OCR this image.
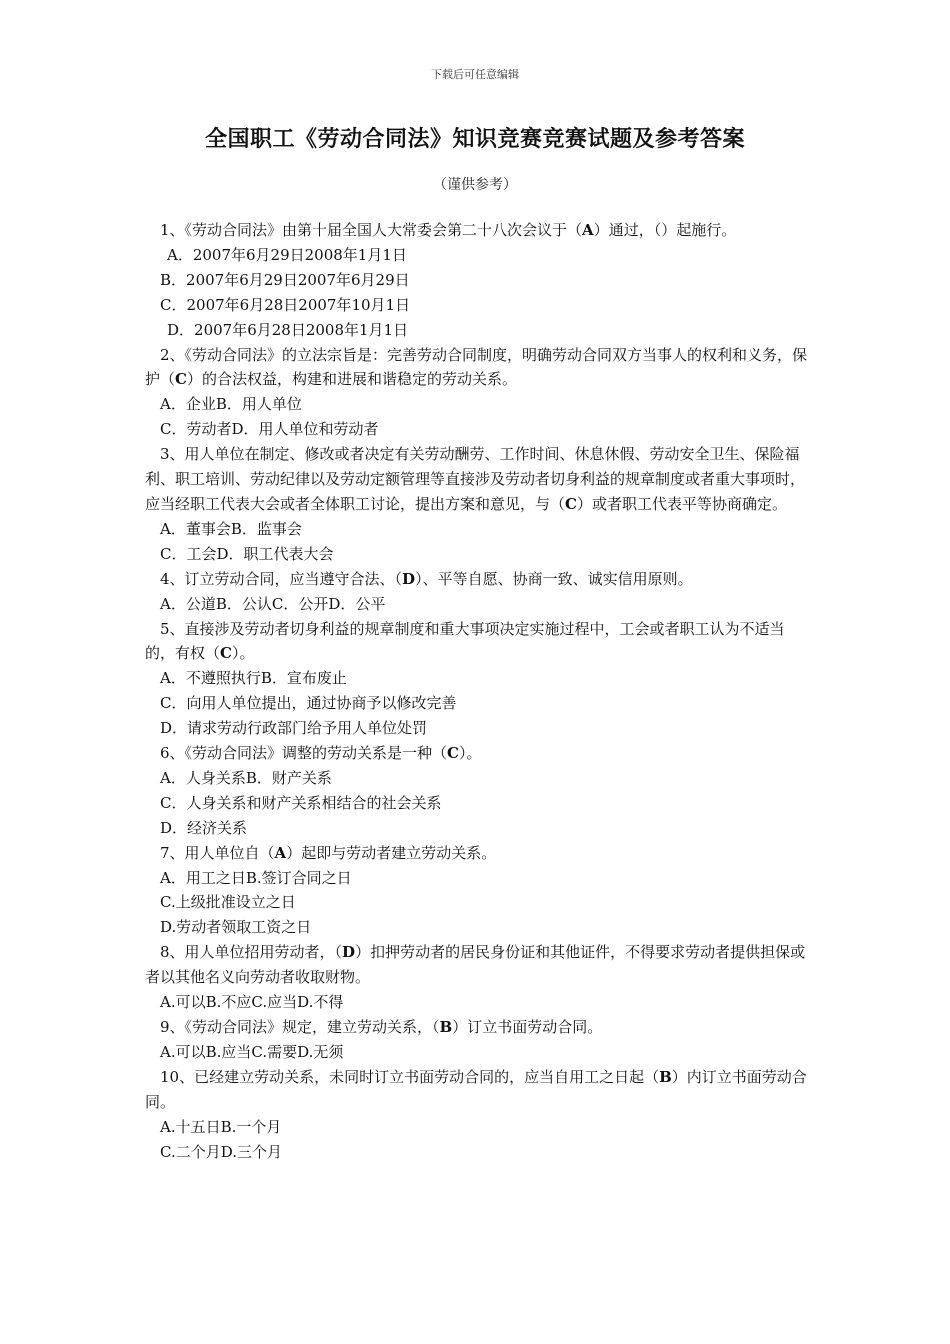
下载后可任意编辑
全国职工《劳动合同法》知识竞赛竞赛试题及参考答案
（谨供参考）

1、《劳动合同法》由第十届全国人大常委会第二十八次会议于（A）通过，（）起施行。

A．2007年6月29日2008年1月1日

B．2007年6月29日2007年6月29日

C．2007年6月28日2007年10月1日

D．2007年6月28日2008年1月1日

2、《劳动合同法》的立法宗旨是：完善劳动合同制度，明确劳动合同双方当事人的权利和义务，保护（C）的合法权益，构建和进展和谐稳定的劳动关系。

A．企业B．用人单位

C．劳动者D．用人单位和劳动者

3、用人单位在制定、修改或者决定有关劳动酬劳、工作时间、休息休假、劳动安全卫生、保险福利、职工培训、劳动纪律以及劳动定额管理等直接涉及劳动者切身利益的规章制度或者重大事项时，应当经职工代表大会或者全体职工讨论，提出方案和意见，与（C）或者职工代表平等协商确定。

A．董事会B．监事会

C．工会D．职工代表大会

4、订立劳动合同，应当遵守合法、（D）、平等自愿、协商一致、诚实信用原则。

A．公道B．公认C．公开D．公平

5、直接涉及劳动者切身利益的规章制度和重大事项决定实施过程中，工会或者职工认为不适当的，有权（C）。

A．不遵照执行B．宣布废止

C．向用人单位提出，通过协商予以修改完善

D．请求劳动行政部门给予用人单位处罚

6、《劳动合同法》调整的劳动关系是一种（C）。

A．人身关系B．财产关系

C．人身关系和财产关系相结合的社会关系

D．经济关系

7、用人单位自（A）起即与劳动者建立劳动关系。

A．用工之日B.签订合同之日

C.上级批准设立之日

D.劳动者领取工资之日

8、用人单位招用劳动者，（D）扣押劳动者的居民身份证和其他证件，不得要求劳动者提供担保或者以其他名义向劳动者收取财物。

A.可以B.不应C.应当D.不得

9、《劳动合同法》规定，建立劳动关系，（B）订立书面劳动合同。

A.可以B.应当C.需要D.无须

10、已经建立劳动关系，未同时订立书面劳动合同的，应当自用工之日起（B）内订立书面劳动合同。

A.十五日B.一个月

C.二个月D.三个月
